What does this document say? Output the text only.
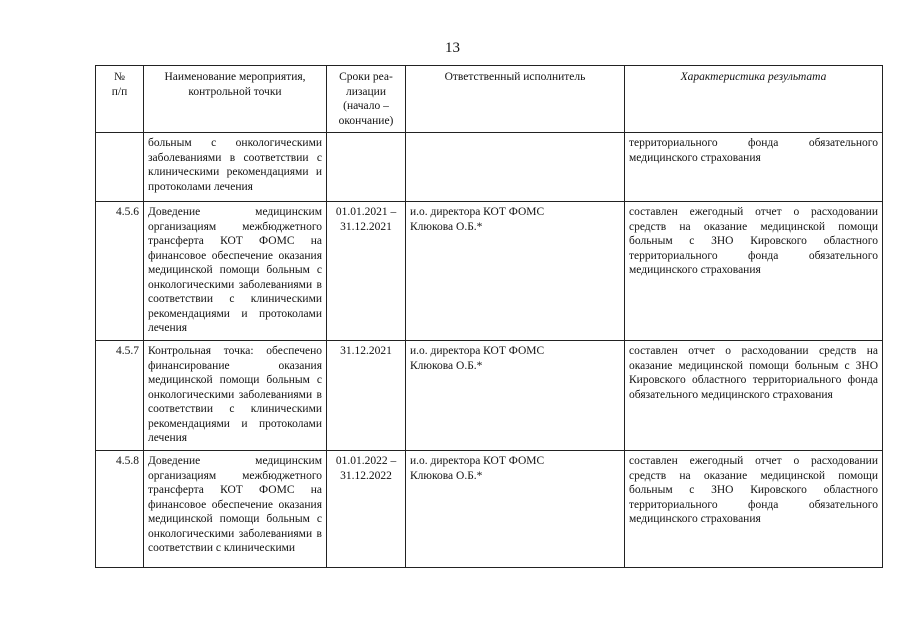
13
№
п/п	Наименование мероприятия,
контрольной точки	Сроки реа-
лизации
(начало –
окончание)	Ответственный исполнитель	Характеристика результата
	больным с онкологическими заболеваниями в соответствии с клиническими рекомендациями и протоколами лечения			территориального фонда обязательного медицинского страхования
4.5.6	Доведение медицинским организациям межбюджетного трансферта КОТ ФОМС на финансовое обеспечение оказания медицинской помощи больным с онкологическими заболеваниями в соответствии с клиническими рекомендациями и протоколами лечения	01.01.2021 –
31.12.2021	и.о. директора КОТ ФОМС
Клюкова О.Б.*	составлен ежегодный отчет о расходовании средств на оказание медицинской помощи больным с ЗНО Кировского областного территориального фонда обязательного медицинского страхования
4.5.7	Контрольная точка: обеспечено финансирование оказания медицинской помощи больным с онкологическими заболеваниями в соответствии с клиническими рекомендациями и протоколами лечения	31.12.2021	и.о. директора КОТ ФОМС
Клюкова О.Б.*	составлен отчет о расходовании средств на оказание медицинской помощи больным с ЗНО Кировского областного территориального фонда обязательного медицинского страхования
4.5.8	Доведение медицинским организациям межбюджетного трансферта КОТ ФОМС на финансовое обеспечение оказания медицинской помощи больным с онкологическими заболеваниями в соответствии с клиническими	01.01.2022 –
31.12.2022	и.о. директора КОТ ФОМС
Клюкова О.Б.*	составлен ежегодный отчет о расходовании средств на оказание медицинской помощи больным с ЗНО Кировского областного территориального фонда обязательного медицинского страхования
